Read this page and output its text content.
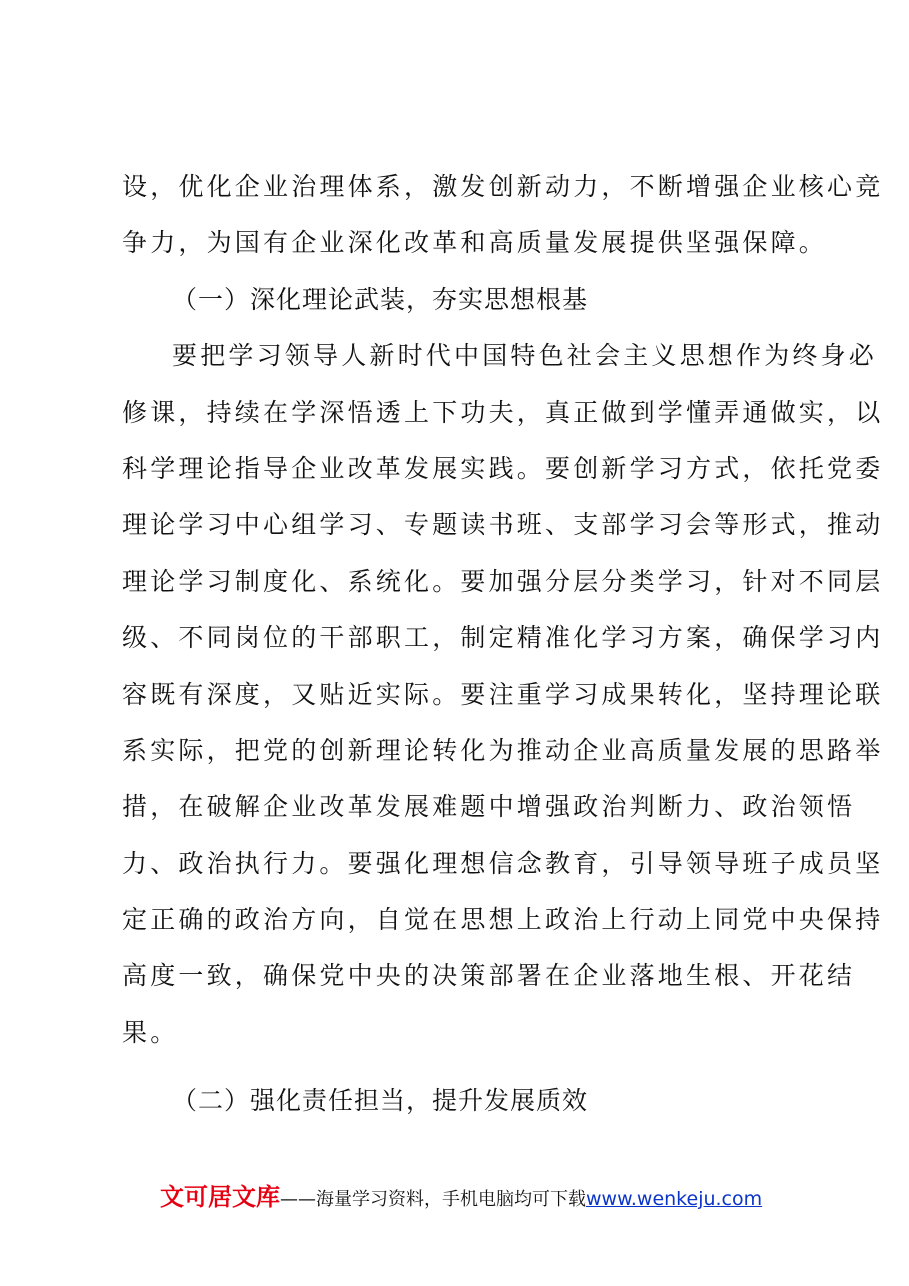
设，优化企业治理体系，激发创新动力，不断增强企业核心竞
争力，为国有企业深化改革和高质量发展提供坚强保障。
（一）深化理论武装，夯实思想根基
要把学习领导人新时代中国特色社会主义思想作为终身必
修课，持续在学深悟透上下功夫，真正做到学懂弄通做实，以
科学理论指导企业改革发展实践。要创新学习方式，依托党委
理论学习中心组学习、专题读书班、支部学习会等形式，推动
理论学习制度化、系统化。要加强分层分类学习，针对不同层
级、不同岗位的干部职工，制定精准化学习方案，确保学习内
容既有深度，又贴近实际。要注重学习成果转化，坚持理论联
系实际，把党的创新理论转化为推动企业高质量发展的思路举
措，在破解企业改革发展难题中增强政治判断力、政治领悟
力、政治执行力。要强化理想信念教育，引导领导班子成员坚
定正确的政治方向，自觉在思想上政治上行动上同党中央保持
高度一致，确保党中央的决策部署在企业落地生根、开花结
果。
（二）强化责任担当，提升发展质效
文可居文库——海量学习资料，手机电脑均可下载www.wenkeju.com
